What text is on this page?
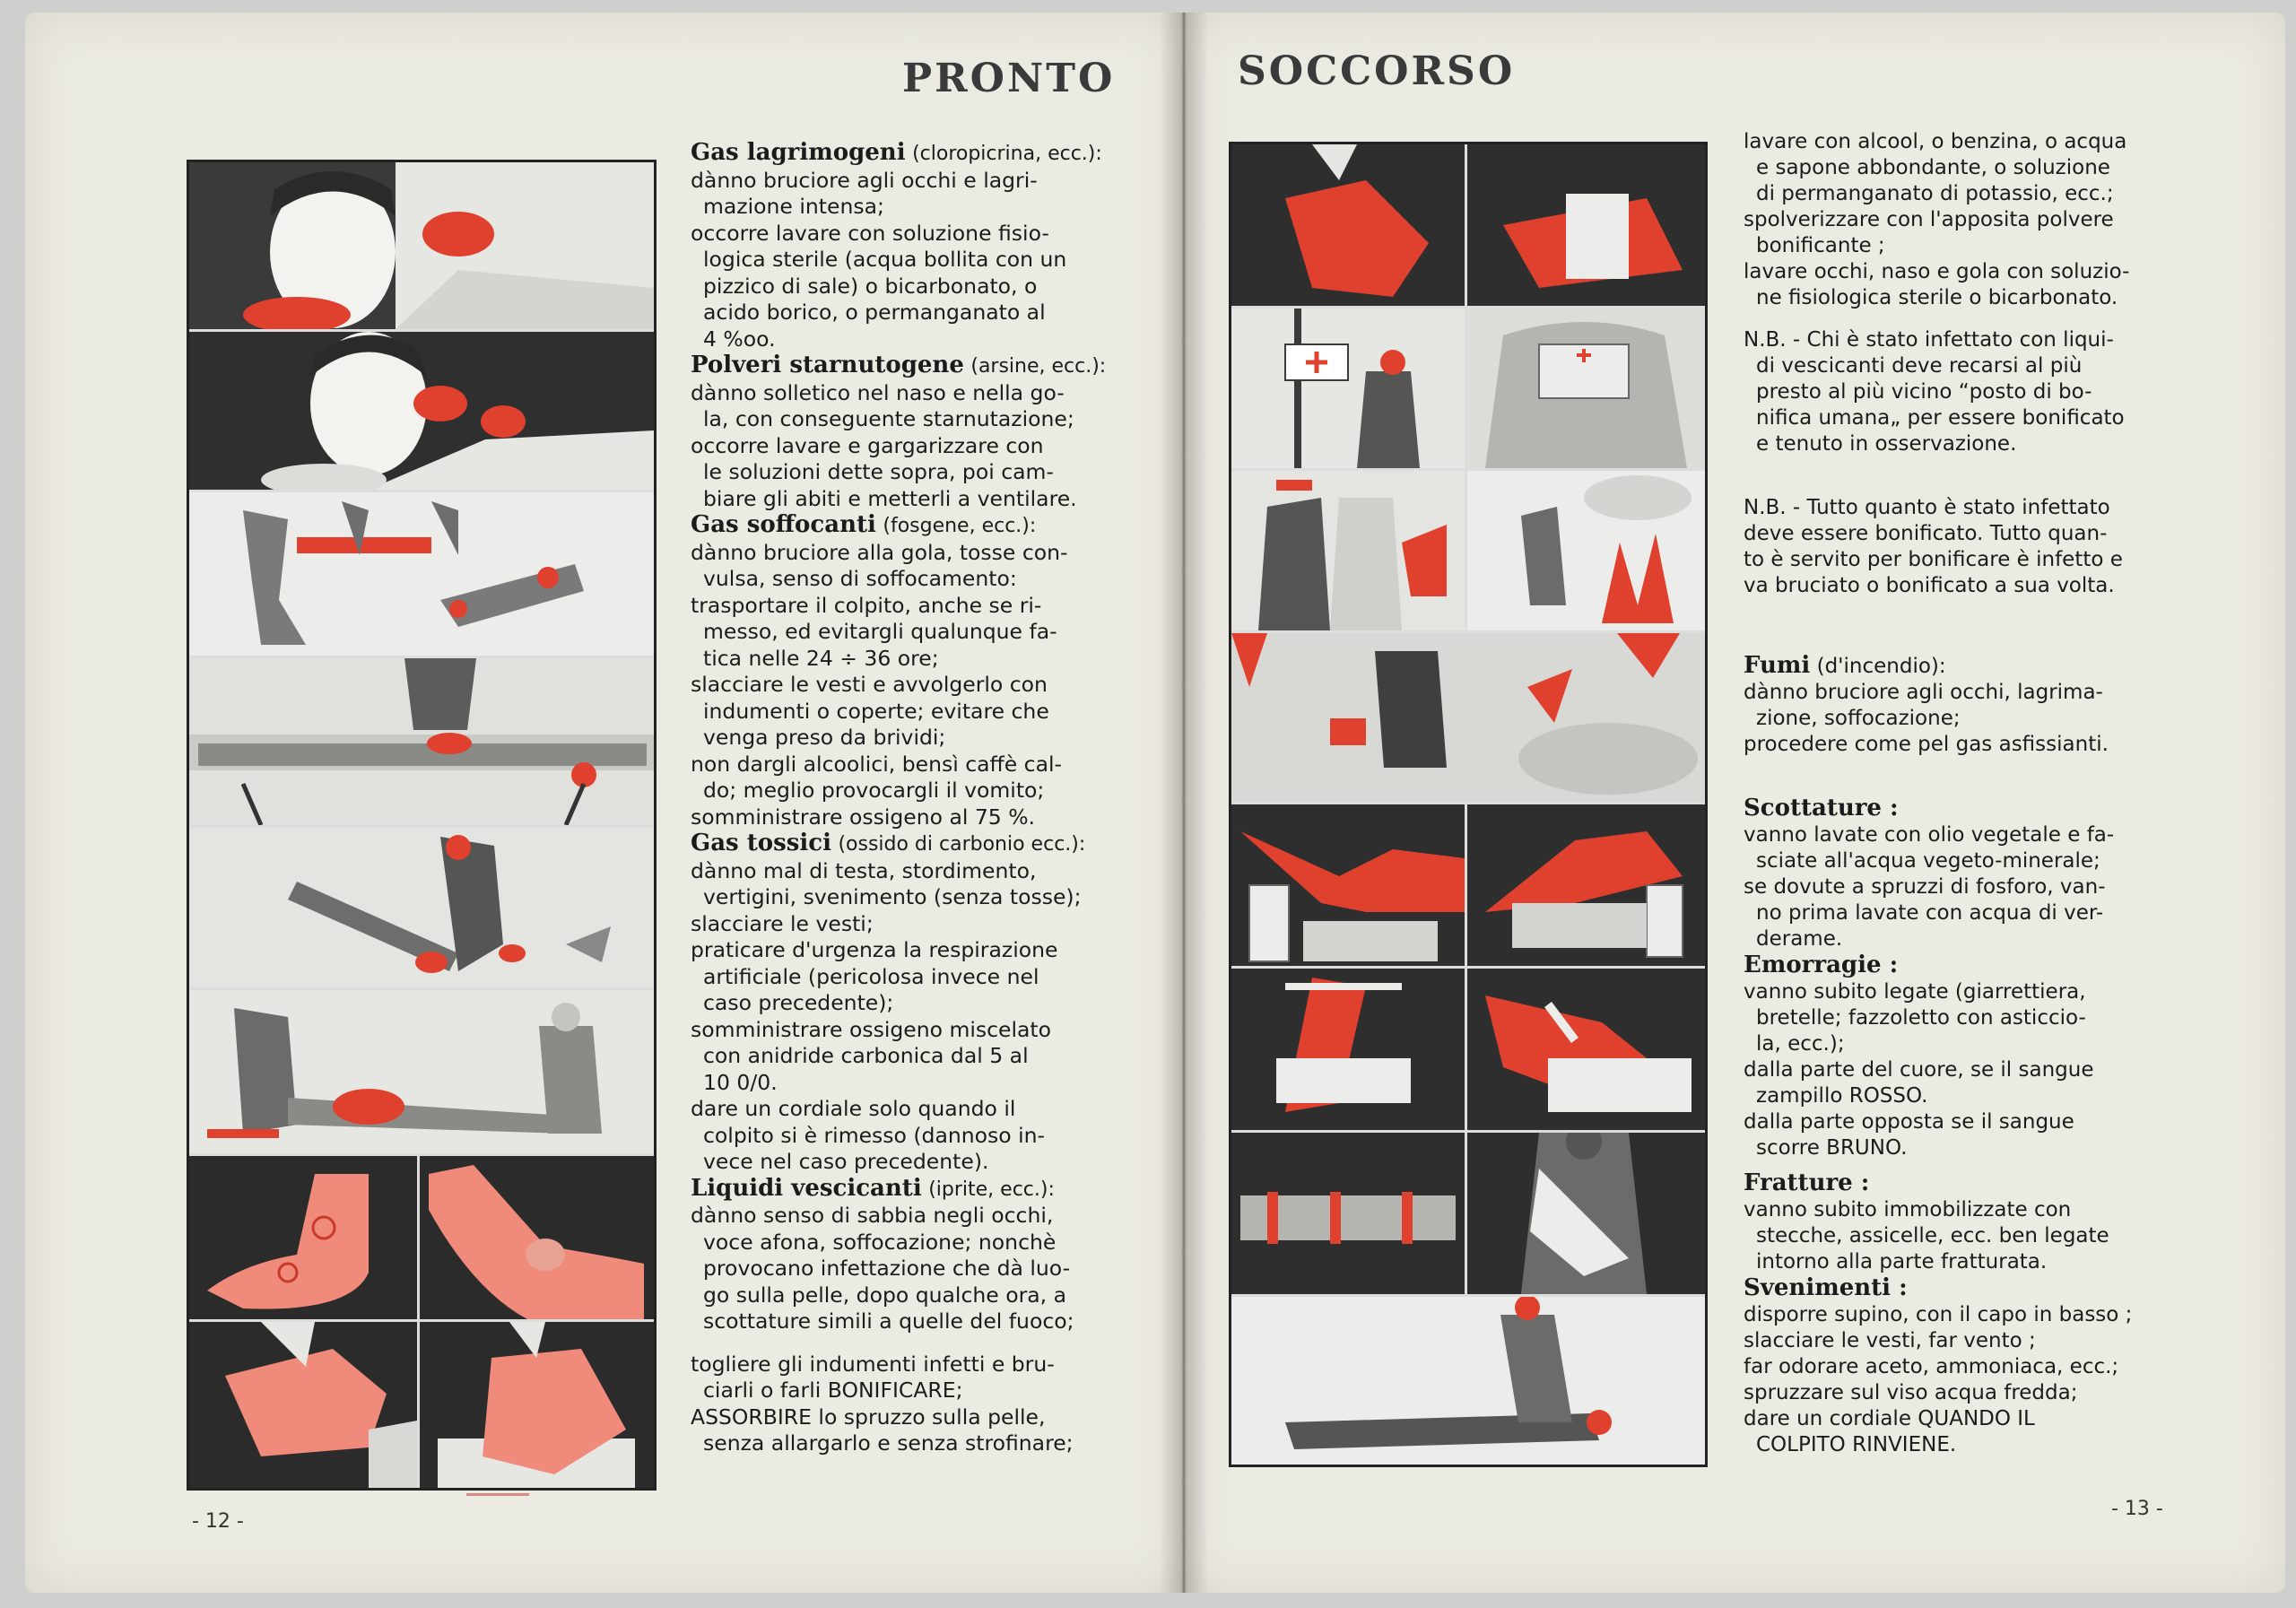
PRONTO	SOCCORSO

Gas lagrimogeni (cloropicrina, ecc.):

dànno bruciore agli occhi e lagri-

mazione intensa;

occorre lavare con soluzione fisio-

logica sterile (acqua bollita con un

pizzico di sale) o bicarbonato, o

acido borico, o permanganato al

4 %oo.

Polveri starnutogene (arsine, ecc.):

dànno solletico nel naso e nella go-

la, con conseguente starnutazione;

occorre lavare e gargarizzare con

le soluzioni dette sopra, poi cam-

biare gli abiti e metterli a ventilare.

Gas soffocanti (fosgene, ecc.):

dànno bruciore alla gola, tosse con-

vulsa, senso di soffocamento:

trasportare il colpito, anche se ri-

messo, ed evitargli qualunque fa-

tica nelle 24 ÷ 36 ore;

slacciare le vesti e avvolgerlo con

indumenti o coperte; evitare che

venga preso da brividi;

non dargli alcoolici, bensì caffè cal-

do; meglio provocargli il vomito;

somministrare ossigeno al 75 %.

Gas tossici (ossido di carbonio ecc.):

dànno mal di testa, stordimento,

vertigini, svenimento (senza tosse);

slacciare le vesti;

praticare d'urgenza la respirazione

artificiale (pericolosa invece nel

caso precedente);

somministrare ossigeno miscelato

con anidride carbonica dal 5 al

10 0/0.

dare un cordiale solo quando il

colpito si è rimesso (dannoso in-

vece nel caso precedente).

Liquidi vescicanti (iprite, ecc.):

dànno senso di sabbia negli occhi,

voce afona, soffocazione; nonchè

provocano infettazione che dà luo-

go sulla pelle, dopo qualche ora, a

scottature simili a quelle del fuoco;

togliere gli indumenti infetti e bru-

ciarli o farli BONIFICARE;

ASSORBIRE lo spruzzo sulla pelle,

senza allargarlo e senza strofinare;

- 12 -

lavare con alcool, o benzina, o acqua

e sapone abbondante, o soluzione

di permanganato di potassio, ecc.;

spolverizzare con l'apposita polvere

bonificante ;

lavare occhi, naso e gola con soluzio-

ne fisiologica sterile o bicarbonato.

N.B. - Chi è stato infettato con liqui-

di vescicanti deve recarsi al più

presto al più vicino “posto di bo-

nifica umana„ per essere bonificato

e tenuto in osservazione.

N.B. - Tutto quanto è stato infettato

deve essere bonificato. Tutto quan-

to è servito per bonificare è infetto e

va bruciato o bonificato a sua volta.

Fumi (d'incendio):

dànno bruciore agli occhi, lagrima-

zione, soffocazione;

procedere come pel gas asfissianti.

Scottature :

vanno lavate con olio vegetale e fa-

sciate all'acqua vegeto-minerale;

se dovute a spruzzi di fosforo, van-

no prima lavate con acqua di ver-

derame.

Emorragie :

vanno subito legate (giarrettiera,

bretelle; fazzoletto con asticcio-

la, ecc.);

dalla parte del cuore, se il sangue

zampillo ROSSO.

dalla parte opposta se il sangue

scorre BRUNO.

Fratture :

vanno subito immobilizzate con

stecche, assicelle, ecc. ben legate

intorno alla parte fratturata.

Svenimenti :

disporre supino, con il capo in basso ;

slacciare le vesti, far vento ;

far odorare aceto, ammoniaca, ecc.;

spruzzare sul viso acqua fredda;

dare un cordiale QUANDO IL

COLPITO RINVIENE.

- 13 -
